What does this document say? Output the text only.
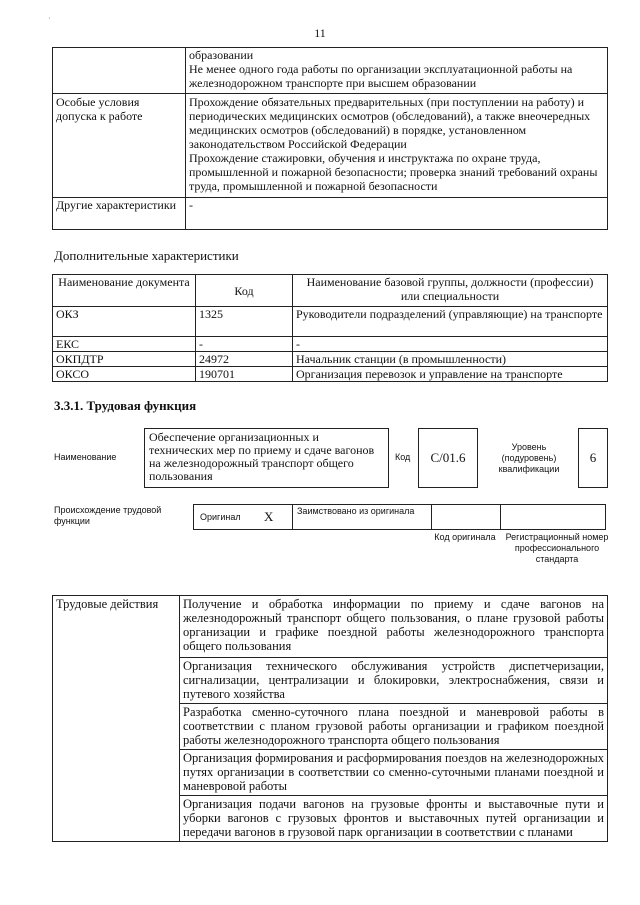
11
·

	образовании

Не менее одного года работы по организации эксплуатационной работы на железнодорожном транспорте при высшем образовании

Особые условия допуска к работе	Прохождение обязательных предварительных (при поступлении на работу) и периодических медицинских осмотров (обследований), а также внеочередных медицинских осмотров (обследований) в порядке, установленном законодательством Российской Федерации

Прохождение стажировки, обучения и инструктажа по охране труда, промышленной и пожарной безопасности; проверка знаний требований охраны труда, промышленной и пожарной безопасности

Другие характеристики	-
Дополнительные характеристики
Наименование документа	Код	Наименование базовой группы, должности (профессии) или специальности
ОКЗ	1325	Руководители подразделений (управляющие) на транспорте
ЕКС	-	-
ОКПДТР	24972	Начальник станции (в промышленности)
ОКСО	190701	Организация перевозок и управление на транспорте
3.3.1. Трудовая функция
Наименование
Обеспечение организационных и технических мер по приему и сдаче вагонов на железнодорожный транспорт общего пользования
Код	С/01.6
Уровень (подуровень) квалификации
6
Происхождение трудовой функции	Оригинал X	Заимствовано из оригинала
Код оригинала	Регистрационный номер профессионального стандарта
Трудовые действия	Получение и обработка информации по приему и сдаче вагонов на железнодорожный транспорт общего пользования, о плане грузовой работы организации и графике поездной работы железнодорожного транспорта общего пользования
Организация технического обслуживания устройств диспетчеризации, сигнализации, централизации и блокировки, электроснабжения, связи и путевого хозяйства
Разработка сменно-суточного плана поездной и маневровой работы в соответствии с планом грузовой работы организации и графиком поездной работы железнодорожного транспорта общего пользования
Организация формирования и расформирования поездов на железнодорожных путях организации в соответствии со сменно-суточными планами поездной и маневровой работы
Организация подачи вагонов на грузовые фронты и выставочные пути и уборки вагонов с грузовых фронтов и выставочных путей организации и передачи вагонов в грузовой парк организации в соответствии с планами
